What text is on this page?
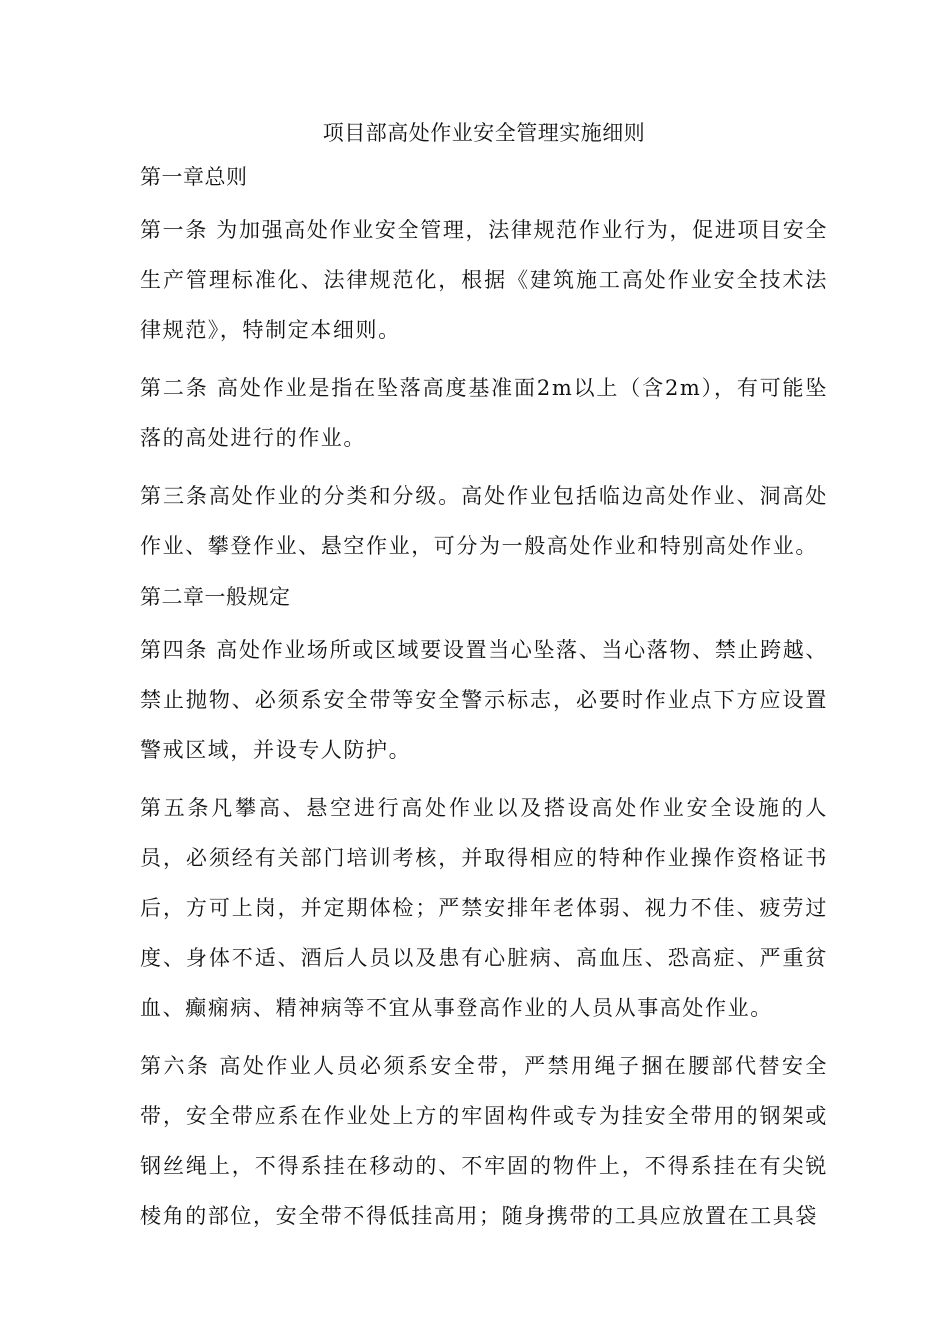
项目部高处作业安全管理实施细则

第一章总则

第一条 为加强高处作业安全管理，法律规范作业行为，促进项目安全生产管理标准化、法律规范化，根据《建筑施工高处作业安全技术法律规范》，特制定本细则。

第二条 高处作业是指在坠落高度基准面2m以上（含2m），有可能坠落的高处进行的作业。

第三条高处作业的分类和分级。高处作业包括临边高处作业、洞高处作业、攀登作业、悬空作业，可分为一般高处作业和特别高处作业。

第二章一般规定

第四条 高处作业场所或区域要设置当心坠落、当心落物、禁止跨越、禁止抛物、必须系安全带等安全警示标志，必要时作业点下方应设置警戒区域，并设专人防护。

第五条凡攀高、悬空进行高处作业以及搭设高处作业安全设施的人员，必须经有关部门培训考核，并取得相应的特种作业操作资格证书后，方可上岗，并定期体检；严禁安排年老体弱、视力不佳、疲劳过度、身体不适、酒后人员以及患有心脏病、高血压、恐高症、严重贫血、癫痫病、精神病等不宜从事登高作业的人员从事高处作业。

第六条 高处作业人员必须系安全带，严禁用绳子捆在腰部代替安全带，安全带应系在作业处上方的牢固构件或专为挂安全带用的钢架或钢丝绳上，不得系挂在移动的、不牢固的物件上，不得系挂在有尖锐棱角的部位，安全带不得低挂高用；随身携带的工具应放置在工具袋
